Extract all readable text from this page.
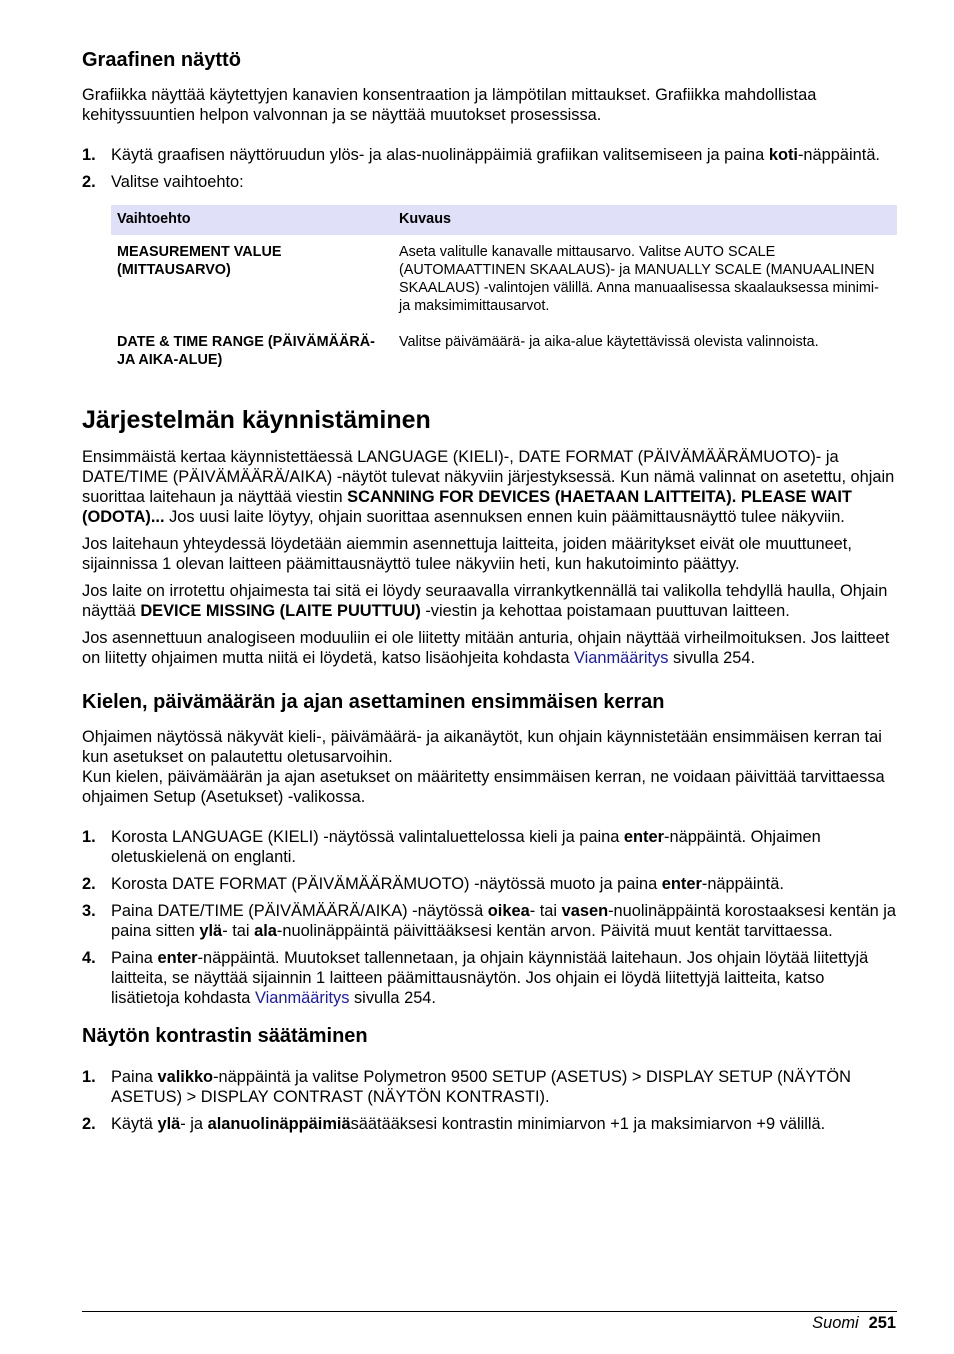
Graafinen näyttö

Grafiikka näyttää käytettyjen kanavien konsentraation ja lämpötilan mittaukset. Grafiikka mahdollistaa kehityssuuntien helpon valvonnan ja se näyttää muutokset prosessissa.

1. Käytä graafisen näyttöruudun ylös- ja alas-nuolinäppäimiä grafiikan valitsemiseen ja paina koti-näppäintä.
2. Valitse vaihtoehto:
Vaihtoehto	Kuvaus
MEASUREMENT VALUE (MITTAUSARVO)	Aseta valitulle kanavalle mittausarvo. Valitse AUTO SCALE (AUTOMAATTINEN SKAALAUS)- ja MANUALLY SCALE (MANUAALINEN SKAALAUS) -valintojen välillä. Anna manuaalisessa skaalauksessa minimi- ja maksimimittausarvot.
DATE & TIME RANGE (PÄIVÄMÄÄRÄ- JA AIKA-ALUE)	Valitse päivämäärä- ja aika-alue käytettävissä olevista valinnoista.
Järjestelmän käynnistäminen

Ensimmäistä kertaa käynnistettäessä LANGUAGE (KIELI)-, DATE FORMAT (PÄIVÄMÄÄRÄMUOTO)- ja DATE/TIME (PÄIVÄMÄÄRÄ/AIKA) -näytöt tulevat näkyviin järjestyksessä. Kun nämä valinnat on asetettu, ohjain suorittaa laitehaun ja näyttää viestin SCANNING FOR DEVICES (HAETAAN LAITTEITA). PLEASE WAIT (ODOTA)... Jos uusi laite löytyy, ohjain suorittaa asennuksen ennen kuin päämittausnäyttö tulee näkyviin.

Jos laitehaun yhteydessä löydetään aiemmin asennettuja laitteita, joiden määritykset eivät ole muuttuneet, sijainnissa 1 olevan laitteen päämittausnäyttö tulee näkyviin heti, kun hakutoiminto päättyy.

Jos laite on irrotettu ohjaimesta tai sitä ei löydy seuraavalla virrankytkennällä tai valikolla tehdyllä haulla, Ohjain näyttää DEVICE MISSING (LAITE PUUTTUU) -viestin ja kehottaa poistamaan puuttuvan laitteen.

Jos asennettuun analogiseen moduuliin ei ole liitetty mitään anturia, ohjain näyttää virheilmoituksen. Jos laitteet on liitetty ohjaimen mutta niitä ei löydetä, katso lisäohjeita kohdasta Vianmääritys sivulla 254.

Kielen, päivämäärän ja ajan asettaminen ensimmäisen kerran

Ohjaimen näytössä näkyvät kieli-, päivämäärä- ja aikanäytöt, kun ohjain käynnistetään ensimmäisen kerran tai kun asetukset on palautettu oletusarvoihin.

Kun kielen, päivämäärän ja ajan asetukset on määritetty ensimmäisen kerran, ne voidaan päivittää tarvittaessa ohjaimen Setup (Asetukset) -valikossa.

1. Korosta LANGUAGE (KIELI) -näytössä valintaluettelossa kieli ja paina enter-näppäintä. Ohjaimen oletuskielenä on englanti.
2. Korosta DATE FORMAT (PÄIVÄMÄÄRÄMUOTO) -näytössä muoto ja paina enter-näppäintä.
3. Paina DATE/TIME (PÄIVÄMÄÄRÄ/AIKA) -näytössä oikea- tai vasen-nuolinäppäintä korostaaksesi kentän ja paina sitten ylä- tai ala-nuolinäppäintä päivittääksesi kentän arvon. Päivitä muut kentät tarvittaessa.
4. Paina enter-näppäintä. Muutokset tallennetaan, ja ohjain käynnistää laitehaun. Jos ohjain löytää liitettyjä laitteita, se näyttää sijainnin 1 laitteen päämittausnäytön. Jos ohjain ei löydä liitettyjä laitteita, katso lisätietoja kohdasta Vianmääritys sivulla 254.
Näytön kontrastin säätäminen
1. Paina valikko-näppäintä ja valitse Polymetron 9500 SETUP (ASETUS) > DISPLAY SETUP (NÄYTÖN ASETUS) > DISPLAY CONTRAST (NÄYTÖN KONTRASTI).
2. Käytä ylä- ja alanuolinäppäimiäsäätääksesi kontrastin minimiarvon +1 ja maksimiarvon +9 välillä.
Suomi 251
